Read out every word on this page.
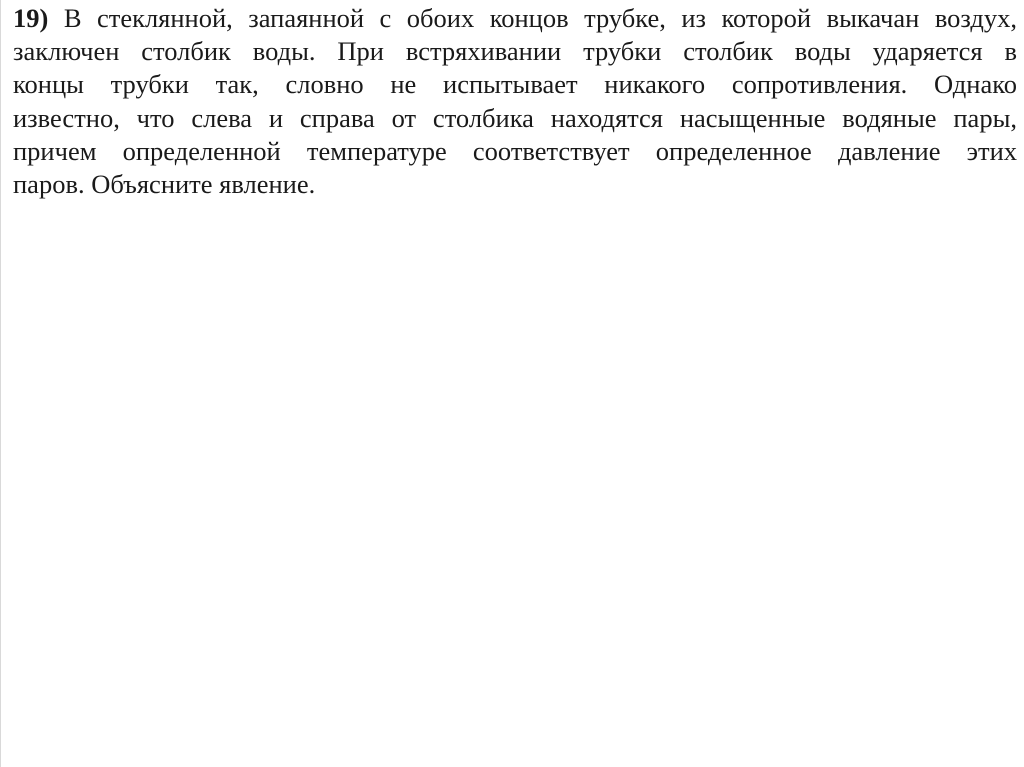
19) В стеклянной, запаянной с обоих концов трубке, из которой выкачан воздух,
заключен столбик воды. При встряхивании трубки столбик воды ударяется в
концы трубки так, словно не испытывает никакого сопротивления. Однако
известно, что слева и справа от столбика находятся насыщенные водяные пары,
причем определенной температуре соответствует определенное давление этих
паров. Объясните явление.
